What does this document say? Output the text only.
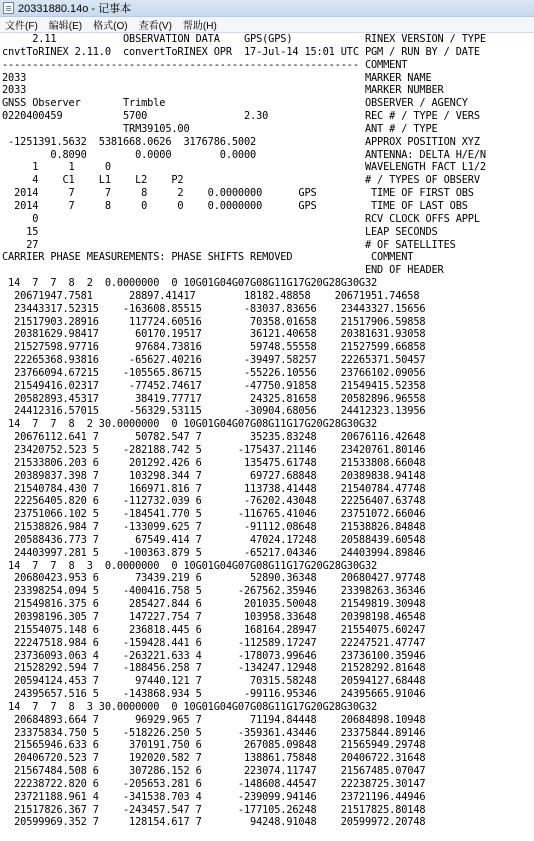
20331880.14o - 记事本
文件(F)	编辑(E)	格式(O)	查看(V)	帮助(H)
2.11           OBSERVATION DATA    GPS(GPS)            RINEX VERSION / TYPE
cnvtToRINEX 2.11.0  convertToRINEX OPR  17-Jul-14 15:01 UTC PGM / RUN BY / DATE
----------------------------------------------------------- COMMENT
2033                                                        MARKER NAME
2033                                                        MARKER NUMBER
GNSS Observer       Trimble                                 OBSERVER / AGENCY
0220400459          5700                2.30                REC # / TYPE / VERS
TRM39105.00                             ANT # / TYPE
-1251391.5632  5381668.0626  3176786.5002                  APPROX POSITION XYZ
0.8090        0.0000        0.0000                  ANTENNA: DELTA H/E/N
1     1     0                                          WAVELENGTH FACT L1/2
4    C1    L1    L2    P2                              # / TYPES OF OBSERV
2014     7     7     8     2    0.0000000      GPS         TIME OF FIRST OBS
2014     7     8     0     0    0.0000000      GPS         TIME OF LAST OBS
0                                                      RCV CLOCK OFFS APPL
15                                                      LEAP SECONDS
27                                                      # OF SATELLITES
CARRIER PHASE MEASUREMENTS: PHASE SHIFTS REMOVED             COMMENT
END OF HEADER
14  7  7  8  2  0.0000000  0 10G01G04G07G08G11G17G20G28G30G32
20671947.7581      28897.41417        18182.48858    20671951.74658
23443317.52315    -163608.85515       -83037.83656    23443327.15656
21517903.28916     117724.60516        70358.01658    21517906.59858
20381629.98417      60170.19517        36121.40658    20381631.93058
21527598.97716      97684.73816        59748.55558    21527599.66858
22265368.93816     -65627.40216       -39497.58257    22265371.50457
23766094.67215    -105565.86715       -55226.10556    23766102.09056
21549416.02317     -77452.74617       -47750.91858    21549415.52358
20582893.45317      38419.77717        24325.81658    20582896.96558
24412316.57015     -56329.53115       -30904.68056    24412323.13956
14  7  7  8  2 30.0000000  0 10G01G04G07G08G11G17G20G28G30G32
20676112.641 7      50782.547 7        35235.83248    20676116.42648
23420752.523 5    -282188.742 5      -175437.21146    23420761.80146
21533806.203 6     201292.426 6       135475.61748    21533808.66048
20389837.398 7     103298.344 7        69727.68848    20389838.94148
21540784.430 7     166971.816 7       113738.41448    21540784.47748
22256405.820 6    -112732.039 6       -76202.43048    22256407.63748
23751066.102 5    -184541.770 5      -116765.41046    23751072.66046
21538826.984 7    -133099.625 7       -91112.08648    21538826.84848
20588436.773 7      67549.414 7        47024.17248    20588439.60548
24403997.281 5    -100363.879 5       -65217.04346    24403994.89846
14  7  7  8  3  0.0000000  0 10G01G04G07G08G11G17G20G28G30G32
20680423.953 6      73439.219 6        52890.36348    20680427.97748
23398254.094 5    -400416.758 5      -267562.35946    23398263.36346
21549816.375 6     285427.844 6       201035.50048    21549819.30948
20398196.305 7     147227.754 7       103958.33648    20398198.46548
21554075.148 6     236818.445 6       168164.28947    21554075.60247
22247518.984 6    -159428.441 6      -112589.17247    22247521.47747
23736093.063 4    -263221.633 4      -178073.99646    23736100.35946
21528292.594 7    -188456.258 7      -134247.12948    21528292.81648
20594124.453 7      97440.121 7        70315.58248    20594127.68448
24395657.516 5    -143868.934 5       -99116.95346    24395665.91046
14  7  7  8  3 30.0000000  0 10G01G04G07G08G11G17G20G28G30G32
20684893.664 7      96929.965 7        71194.84448    20684898.10948
23375834.750 5    -518226.250 5      -359361.43446    23375844.89146
21565946.633 6     370191.750 6       267085.09848    21565949.29748
20406720.523 7     192020.582 7       138861.75848    20406722.31648
21567484.508 6     307286.152 6       223074.11747    21567485.07047
22238722.820 6    -205653.281 6      -148608.44547    22238725.30147
23721188.961 4    -341538.703 4      -239099.94146    23721196.44946
21517826.367 7    -243457.547 7      -177105.26248    21517825.80148
20599969.352 7     128154.617 7        94248.91048    20599972.20748
